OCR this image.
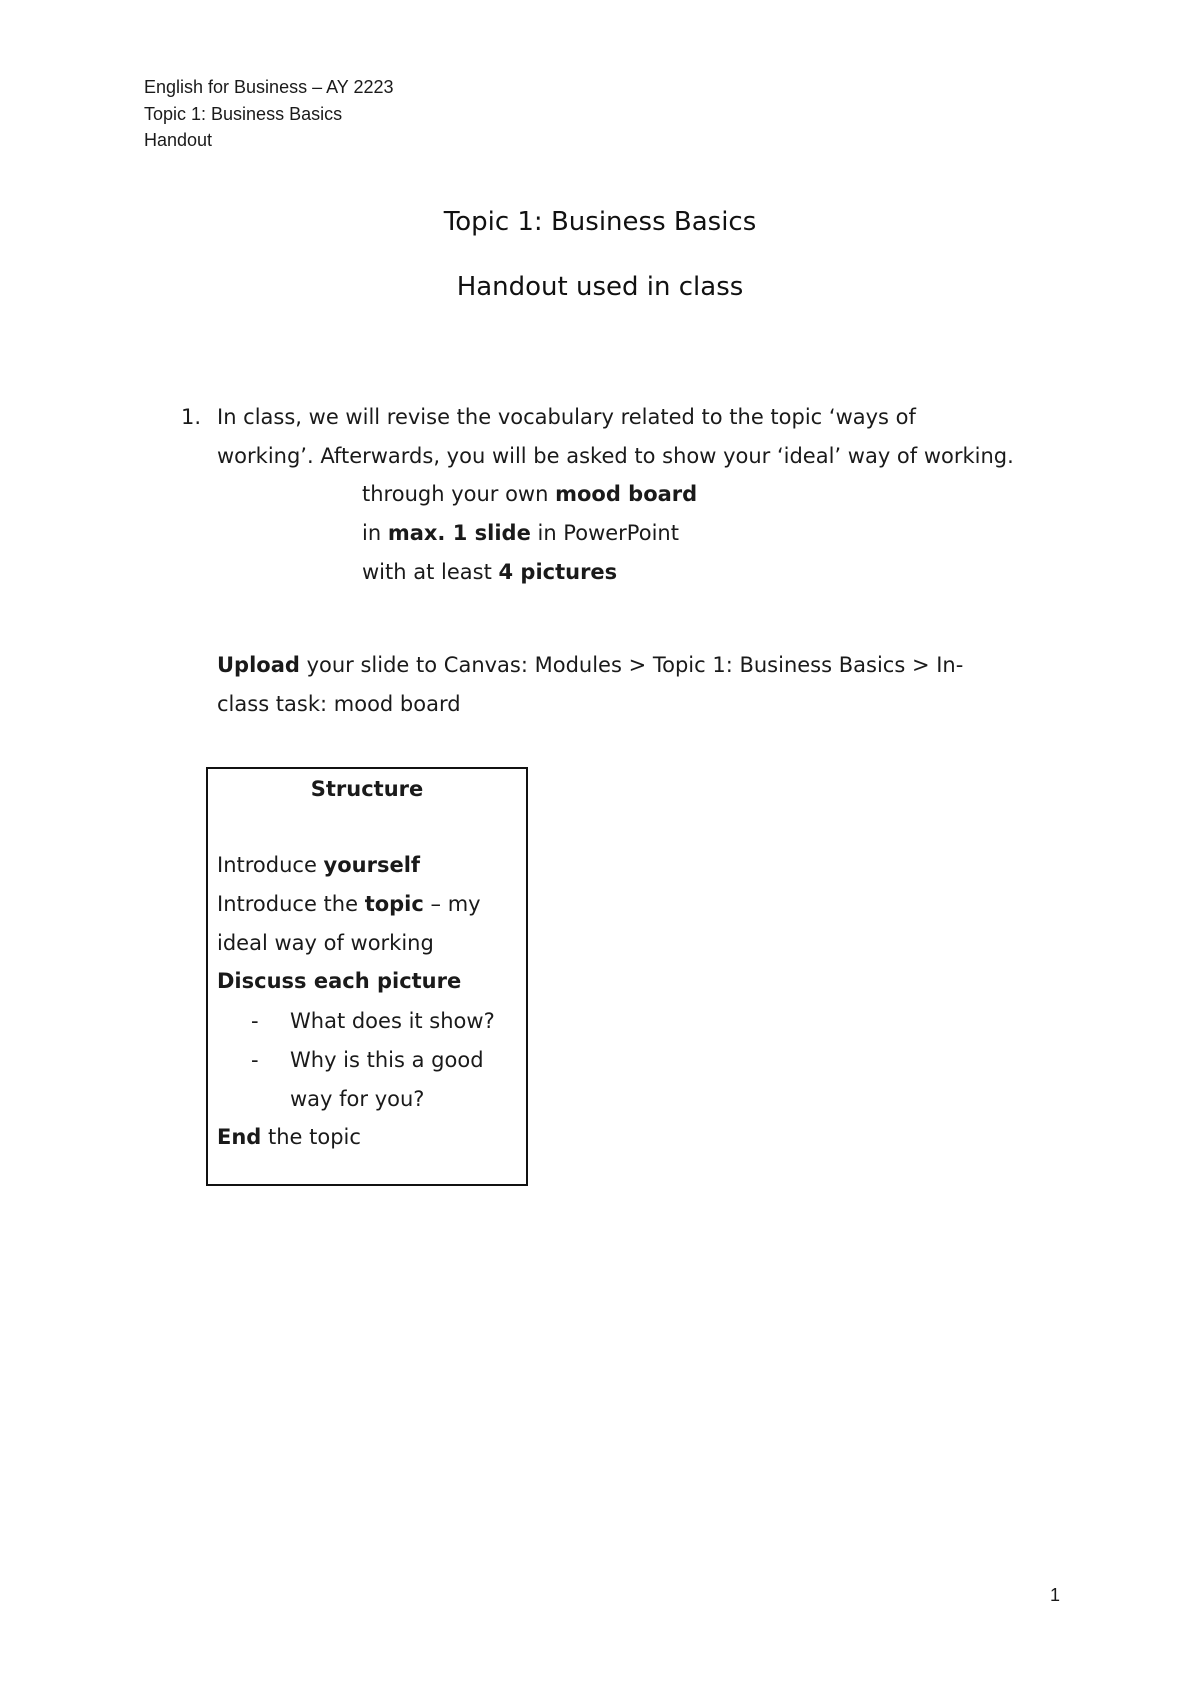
English for Business – AY 2223
Topic 1: Business Basics
Handout
Topic 1: Business Basics
Handout used in class
1. In class, we will revise the vocabulary related to the topic ‘ways of
working’. Afterwards, you will be asked to show your ‘ideal’ way of working.
through your own mood board
in max. 1 slide in PowerPoint
with at least 4 pictures
Upload your slide to Canvas: Modules > Topic 1: Business Basics > In-
class task: mood board
Structure
Introduce yourself
Introduce the topic – my
ideal way of working
Discuss each picture
- What does it show?
- Why is this a good
way for you?
End the topic
1
